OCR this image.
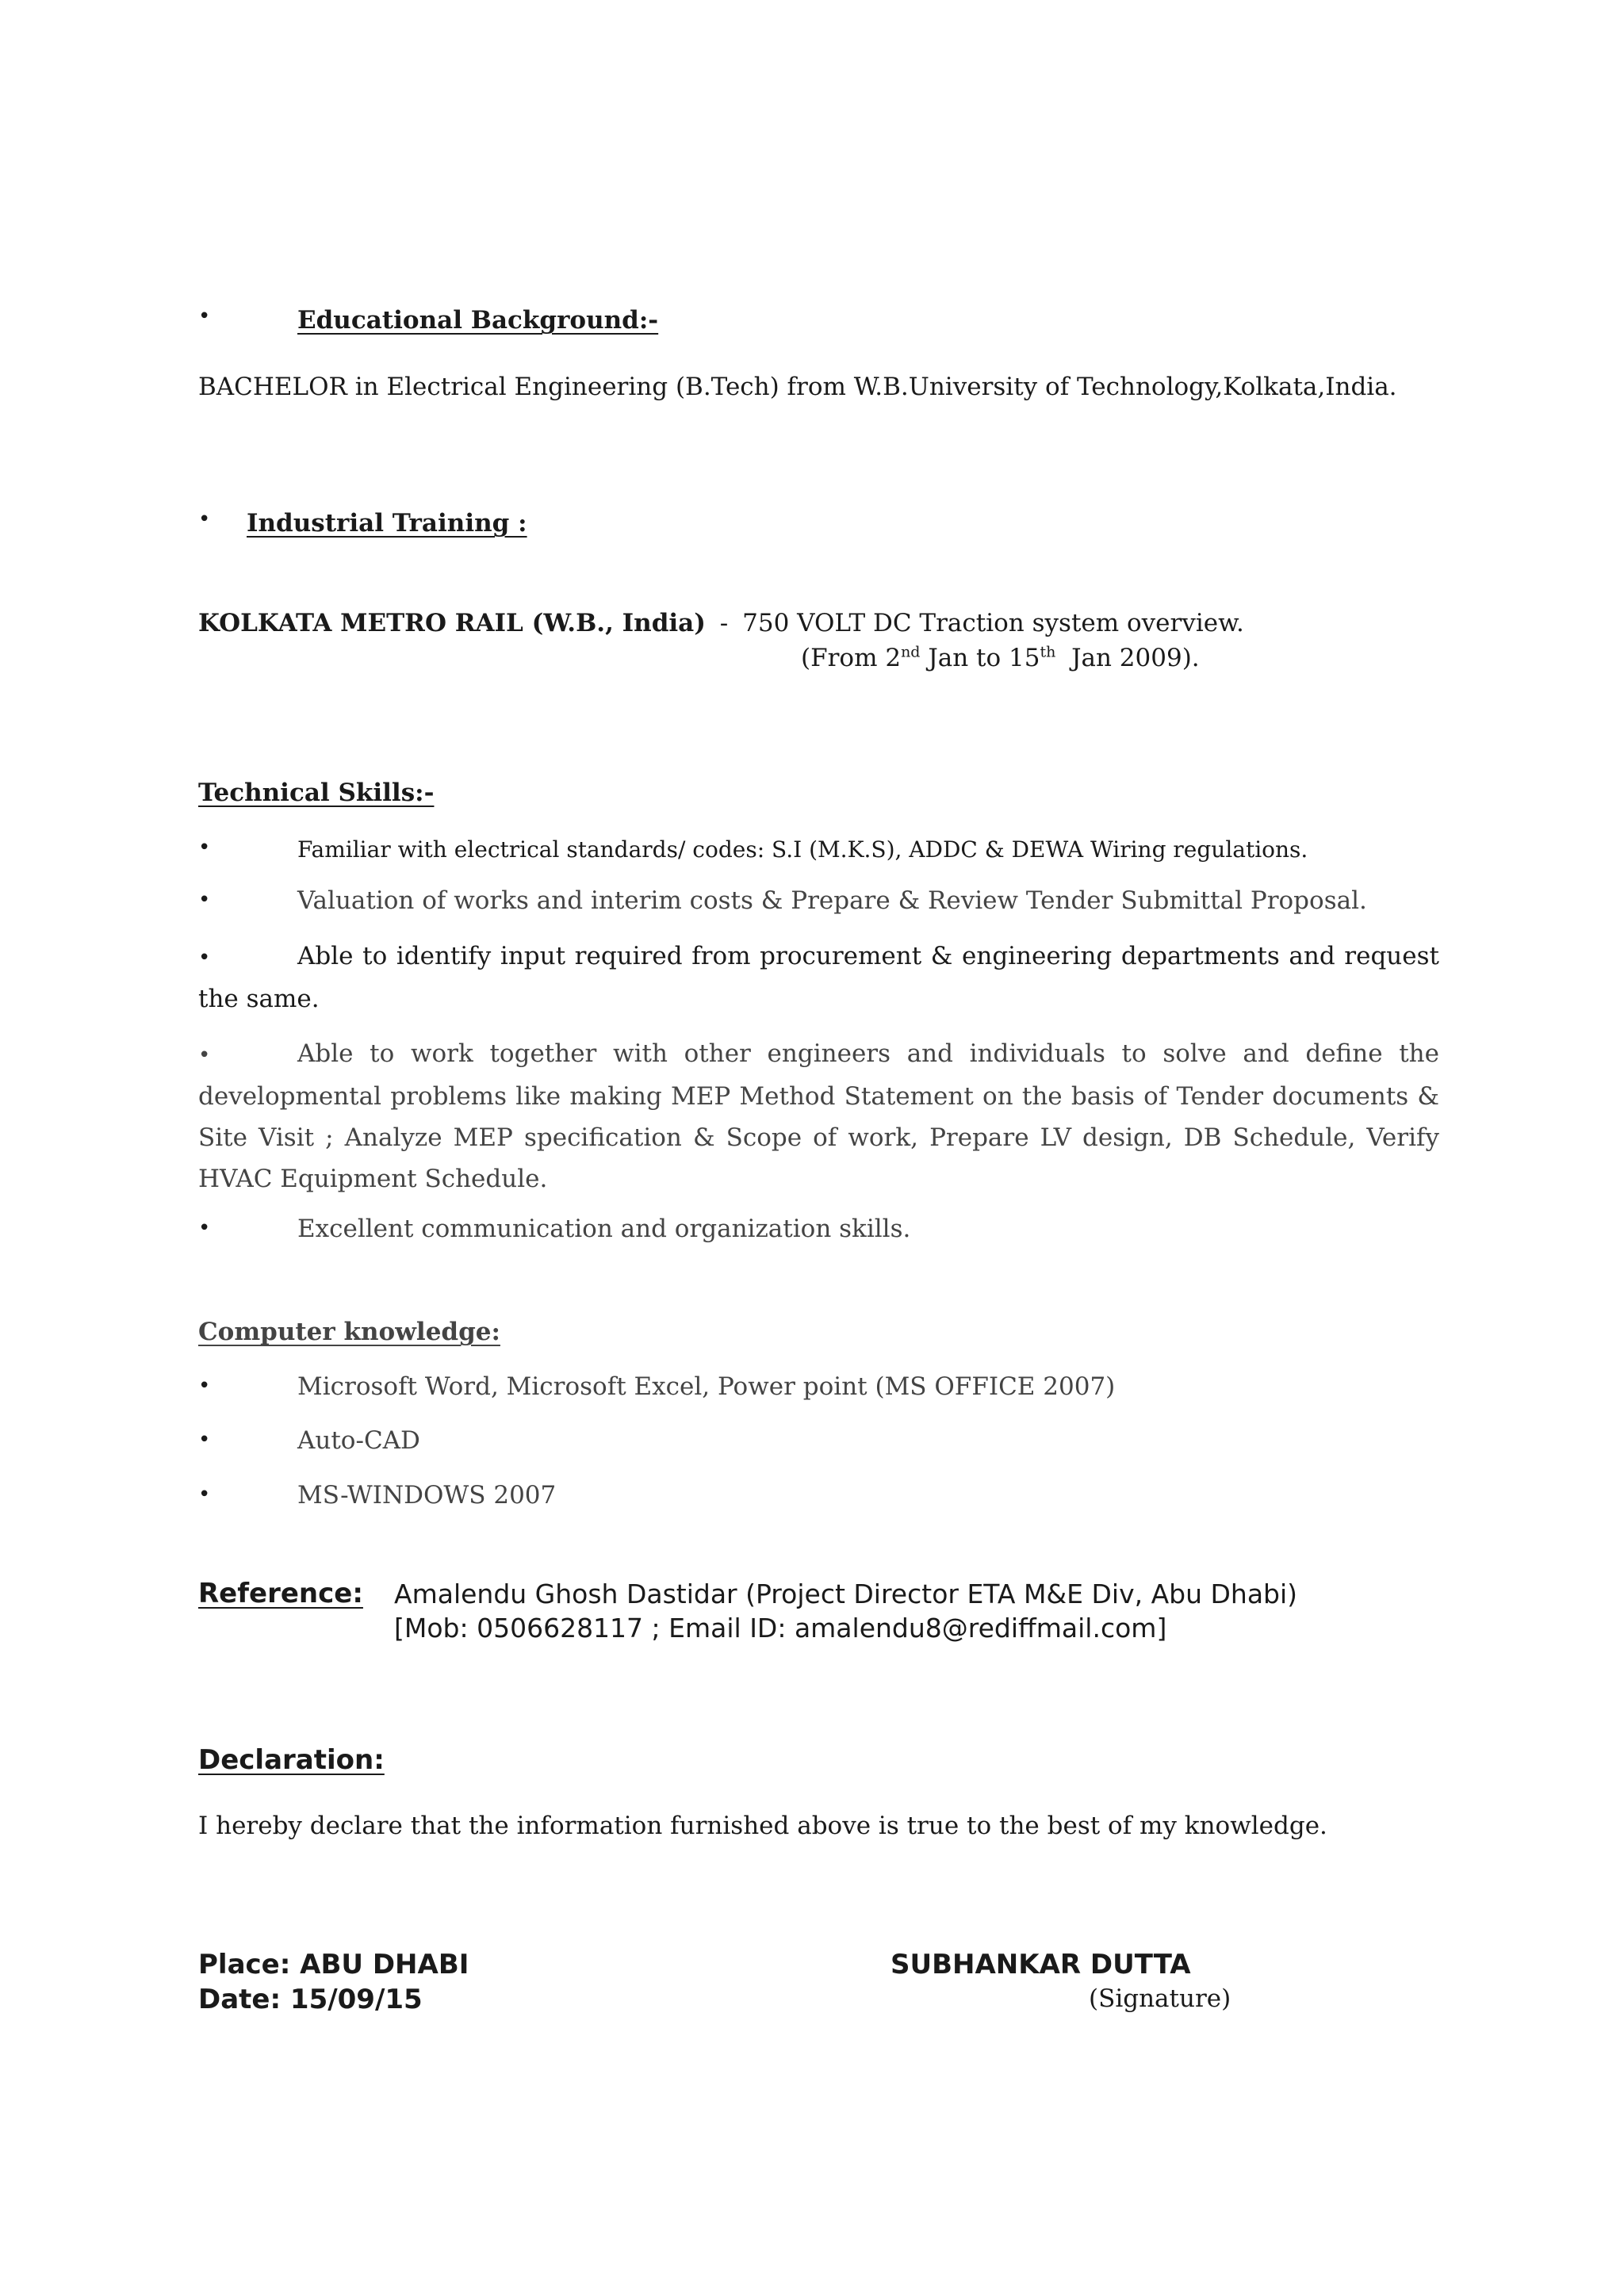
•	Educational Background:-
BACHELOR in Electrical Engineering (B.Tech) from W.B.University of Technology,Kolkata,India.
• Industrial Training :
KOLKATA METRO RAIL (W.B., India) - 750 VOLT DC Traction system overview.
(From 2nd Jan to 15th  Jan 2009).
Technical Skills:-
•	Familiar with electrical standards/ codes: S.I (M.K.S), ADDC & DEWA Wiring regulations.
•	Valuation of works and interim costs & Prepare & Review Tender Submittal Proposal.
•	Able to identify input required from procurement & engineering departments and request the same.
•	Able to work together with other engineers and individuals to solve and define the developmental problems like making MEP Method Statement on the basis of Tender documents & Site Visit ; Analyze MEP specification & Scope of work, Prepare LV design, DB Schedule, Verify HVAC Equipment Schedule.
•	Excellent communication and organization skills.
Computer knowledge:
•	Microsoft Word, Microsoft Excel, Power point (MS OFFICE 2007)
•	Auto-CAD
•	MS-WINDOWS 2007
Reference: Amalendu Ghosh Dastidar (Project Director ETA M&E Div, Abu Dhabi)
[Mob: 0506628117 ; Email ID: amalendu8@rediffmail.com]
Declaration:
I hereby declare that the information furnished above is true to the best of my knowledge.
Place: ABU DHABI
Date: 15/09/15
SUBHANKAR DUTTA
(Signature)
